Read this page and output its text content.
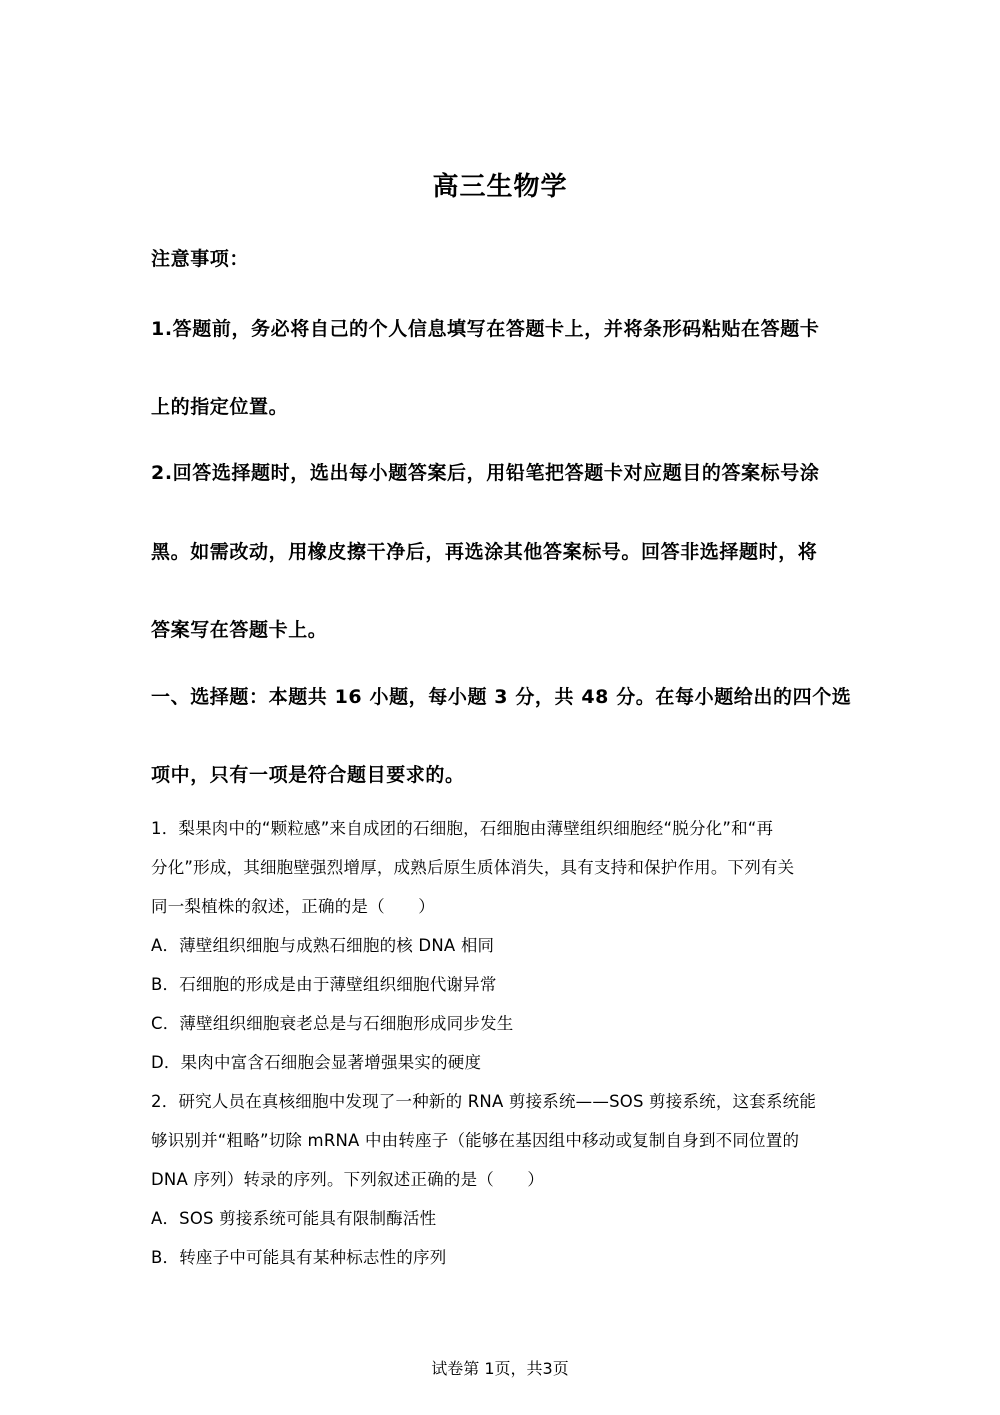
高三生物学
注意事项：
1.答题前，务必将自己的个人信息填写在答题卡上，并将条形码粘贴在答题卡
上的指定位置。
2.回答选择题时，选出每小题答案后，用铅笔把答题卡对应题目的答案标号涂
黑。如需改动，用橡皮擦干净后，再选涂其他答案标号。回答非选择题时，将
答案写在答题卡上。
一、选择题：本题共 16 小题，每小题 3 分，共 48 分。在每小题给出的四个选
项中，只有一项是符合题目要求的。
1．梨果肉中的“颗粒感”来自成团的石细胞，石细胞由薄壁组织细胞经“脱分化”和“再
分化”形成，其细胞壁强烈增厚，成熟后原生质体消失，具有支持和保护作用。下列有关
同一梨植株的叙述，正确的是（　　）
A．薄壁组织细胞与成熟石细胞的核 DNA 相同
B．石细胞的形成是由于薄壁组织细胞代谢异常
C．薄壁组织细胞衰老总是与石细胞形成同步发生
D．果肉中富含石细胞会显著增强果实的硬度
2．研究人员在真核细胞中发现了一种新的 RNA 剪接系统——SOS 剪接系统，这套系统能
够识别并“粗略”切除 mRNA 中由转座子（能够在基因组中移动或复制自身到不同位置的
DNA 序列）转录的序列。下列叙述正确的是（　　）
A．SOS 剪接系统可能具有限制酶活性
B．转座子中可能具有某种标志性的序列
试卷第 1页，共3页
